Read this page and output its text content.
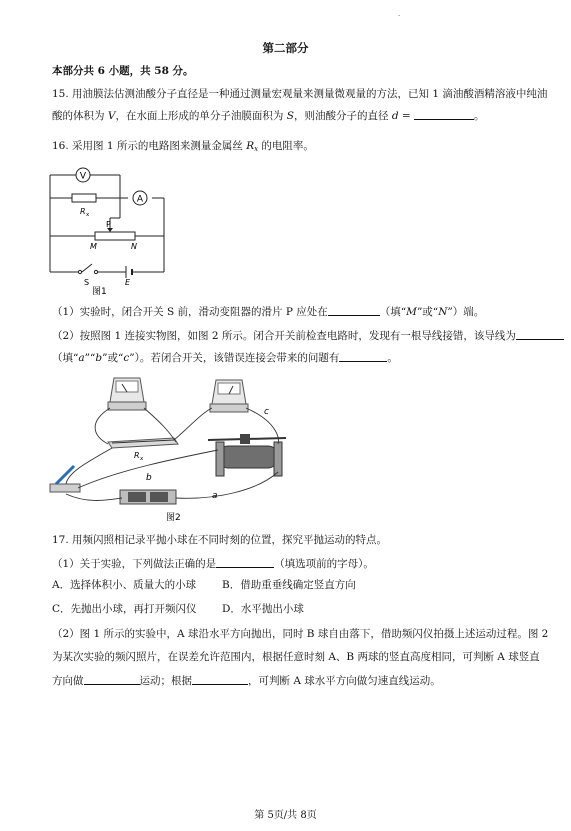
·
第二部分
本部分共 6 小题，共 58 分。
15. 用油膜法估测油酸分子直径是一种通过测量宏观量来测量微观量的方法，已知 1 滴油酸酒精溶液中纯油
酸的体积为 V，在水面上形成的单分子油膜面积为 S，则油酸分子的直径 d =	。
16. 采用图 1 所示的电路图来测量金属丝 $R_x$ 的电阻率。
V
R x
A
P
M	N
S	E
图1
（1）实验时，闭合开关 S 前，滑动变阻器的滑片 P 应处在	（填“M”或“N”）端。
（2）按照图 1 连接实物图，如图 2 所示。闭合开关前检查电路时，发现有一根导线接错，该导线为
（填“a”“b”或“c”）。若闭合开关，该错误连接会带来的问题有	。
R x
c
b
a
图2
17. 用频闪照相记录平抛小球在不同时刻的位置，探究平抛运动的特点。
（1）关于实验，下列做法正确的是	（填选项前的字母）。
A．选择体积小、质量大的小球 B．借助重垂线确定竖直方向
C．先抛出小球，再打开频闪仪 D．水平抛出小球
（2）图 1 所示的实验中，A 球沿水平方向抛出，同时 B 球自由落下，借助频闪仪拍摄上述运动过程。图 2
为某次实验的频闪照片，在误差允许范围内，根据任意时刻 A、B 两球的竖直高度相同，可判断 A 球竖直
方向做	运动；根据	，可判断 A 球水平方向做匀速直线运动。
第 5页/共 8页
